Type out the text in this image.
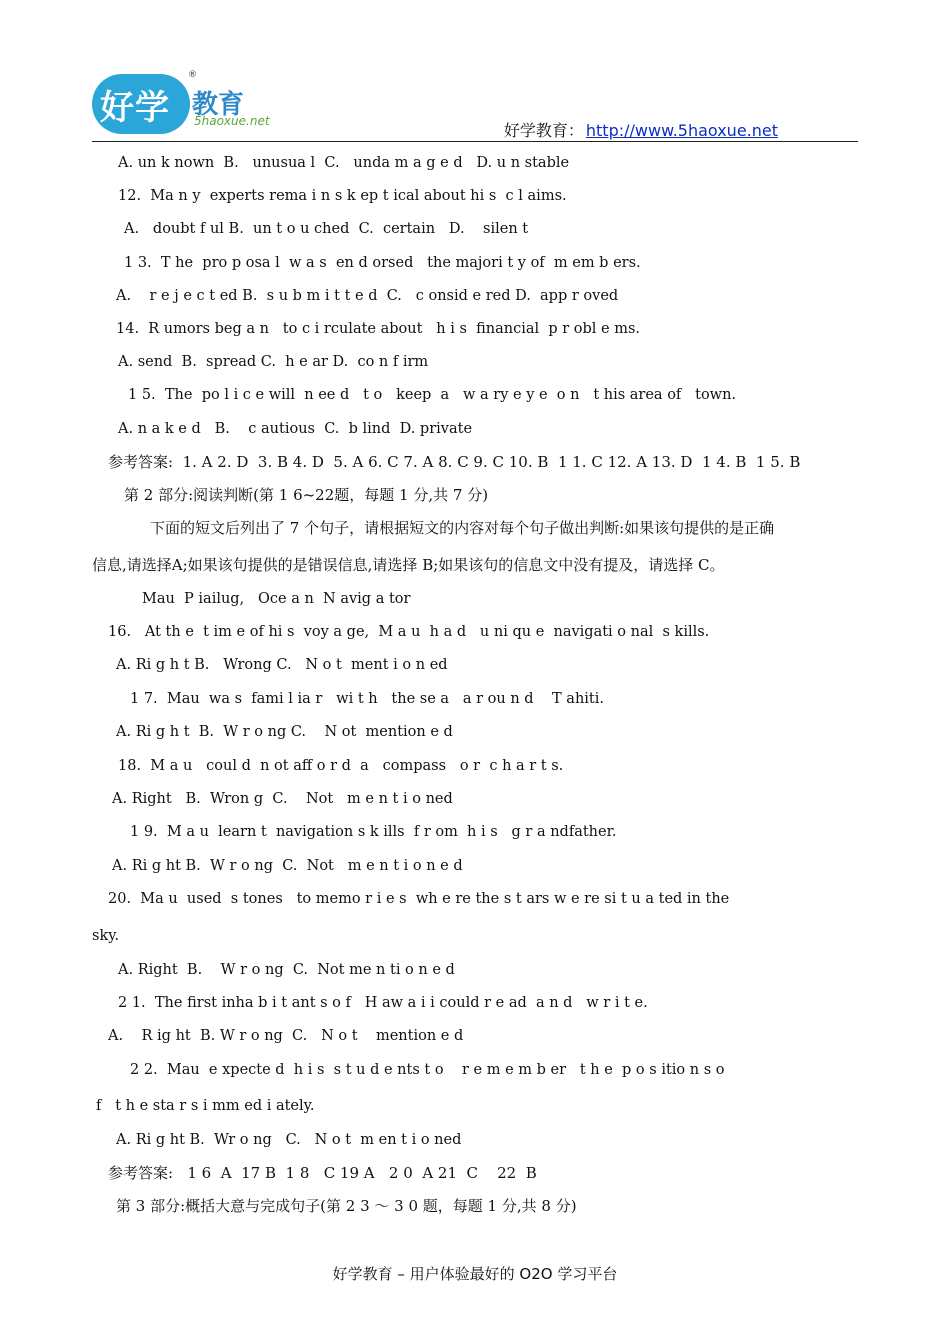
好学
®
教育
5haoxue.net	好学教育： http://www.5haoxue.net
A. un k nown  B.   unusua l  C.   unda m a g e d   D. u n stable
12.  Ma n y  experts rema i n s k ep t ical about hi s  c l aims.
A.   doubt f ul B.  un t o u ched  C.  certain   D.    silen t
1 3.  T he  pro p osa l  w a s  en d orsed   the majori t y of  m em b ers.
A.    r e j e c t ed B.  s u b m i t t e d  C.   c onsid e red D.  app r oved
14.  R umors beg a n   to c i rculate about   h i s  financial  p r obl e ms.
A. send  B.  spread C.  h e ar D.  co n f irm
1 5.  The  po l i c e will  n ee d   t o   keep  a   w a ry e y e  o n   t his area of   town.
A. n a k e d   B.    c autious  C.  b lind  D. private
参考答案:  1. A 2. D  3. B 4. D  5. A 6. C 7. A 8. C 9. C 10. B  1 1. C 12. A 13. D  1 4. B  1 5. B
第 2 部分:阅读判断(第 1 6~22题，每题 1 分,共 7 分)
下面的短文后列出了 7 个句子，请根据短文的内容对每个句子做出判断:如果该句提供的是正确
信息,请选择A;如果该句提供的是错误信息,请选择 B;如果该句的信息文中没有提及，请选择 C。
Mau  P iailug,   Oce a n  N avig a tor
16.   At th e  t im e of hi s  voy a ge,  M a u  h a d   u ni qu e  navigati o nal  s kills.
A. Ri g h t B.   Wrong C.   N o t  ment i o n ed
1 7.  Mau  wa s  fami l ia r   wi t h   the se a   a r ou n d    T ahiti.
A. Ri g h t  B.  W r o ng C.    N ot  mention e d
18.  M a u   coul d  n ot aff o r d  a   compass   o r  c h a r t s.
A. Right   B.  Wron g  C.    Not   m e n t i o ned
1 9.  M a u  learn t  navigation s k ills  f r om  h i s   g r a ndfather.
A. Ri g ht B.  W r o ng  C.  Not   m e n t i o n e d
20.  Ma u  used  s tones   to memo r i e s  wh e re the s t ars w e re si t u a ted in the
sky.
A. Right  B.    W r o ng  C.  Not me n ti o n e d
2 1.  The first inha b i t ant s o f   H aw a i i could r e ad  a n d   w r i t e.
A.    R ig ht  B. W r o ng  C.   N o t    mention e d
2 2.  Mau  e xpecte d  h i s  s t u d e nts t o    r e m e m b er   t h e  p o s itio n s o
f   t h e sta r s i mm ed i ately.
A. Ri g ht B.  Wr o ng   C.   N o t  m en t i o ned
参考答案:   1 6  A  17 B  1 8   C 19 A   2 0  A 21  C    22  B
第 3 部分:概括大意与完成句子(第 2 3 ～ 3 0 题，每题 1 分,共 8 分)
好学教育 – 用户体验最好的 O2O 学习平台
